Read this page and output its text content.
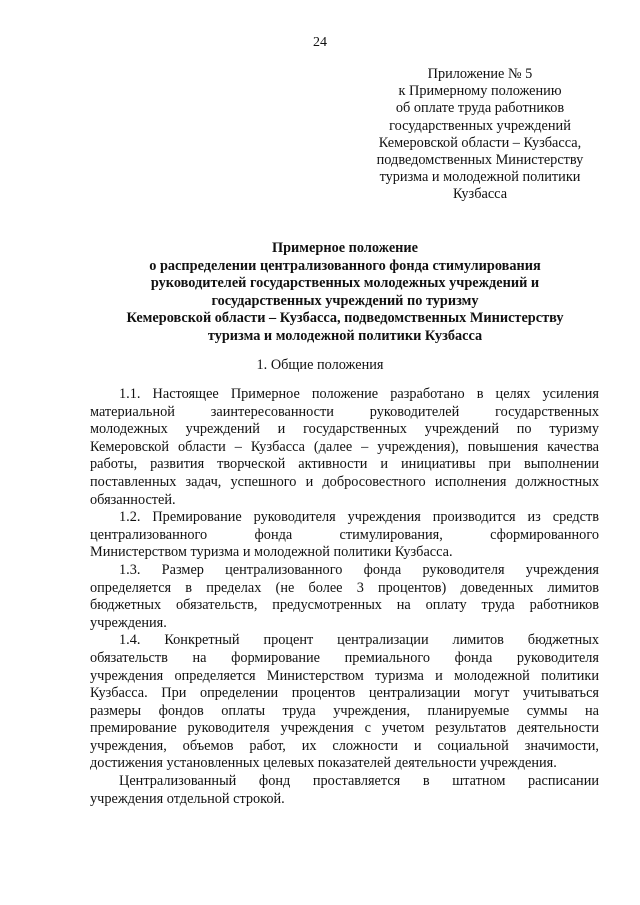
24
Приложение № 5
к Примерному положению
об оплате труда работников
государственных учреждений
Кемеровской области – Кузбасса,
подведомственных Министерству
туризма и молодежной политики
Кузбасса
Примерное положение
о распределении централизованного фонда стимулирования
руководителей государственных молодежных учреждений и
государственных учреждений по туризму
Кемеровской области – Кузбасса, подведомственных Министерству
туризма и молодежной политики Кузбасса
1. Общие положения
1.1. Настоящее Примерное положение разработано в целях усиления
материальной заинтересованности руководителей государственных
молодежных учреждений и государственных учреждений по туризму
Кемеровской области – Кузбасса (далее – учреждения), повышения качества
работы, развития творческой активности и инициативы при выполнении
поставленных задач, успешного и добросовестного исполнения должностных
обязанностей.
1.2. Премирование руководителя учреждения производится из средств
централизованного фонда стимулирования, сформированного
Министерством туризма и молодежной политики Кузбасса.
1.3. Размер централизованного фонда руководителя учреждения
определяется в пределах (не более 3 процентов) доведенных лимитов
бюджетных обязательств, предусмотренных на оплату труда работников
учреждения.
1.4. Конкретный процент централизации лимитов бюджетных
обязательств на формирование премиального фонда руководителя
учреждения определяется Министерством туризма и молодежной политики
Кузбасса. При определении процентов централизации могут учитываться
размеры фондов оплаты труда учреждения, планируемые суммы на
премирование руководителя учреждения с учетом результатов деятельности
учреждения, объемов работ, их сложности и социальной значимости,
достижения установленных целевых показателей деятельности учреждения.
Централизованный фонд проставляется в штатном расписании
учреждения отдельной строкой.
